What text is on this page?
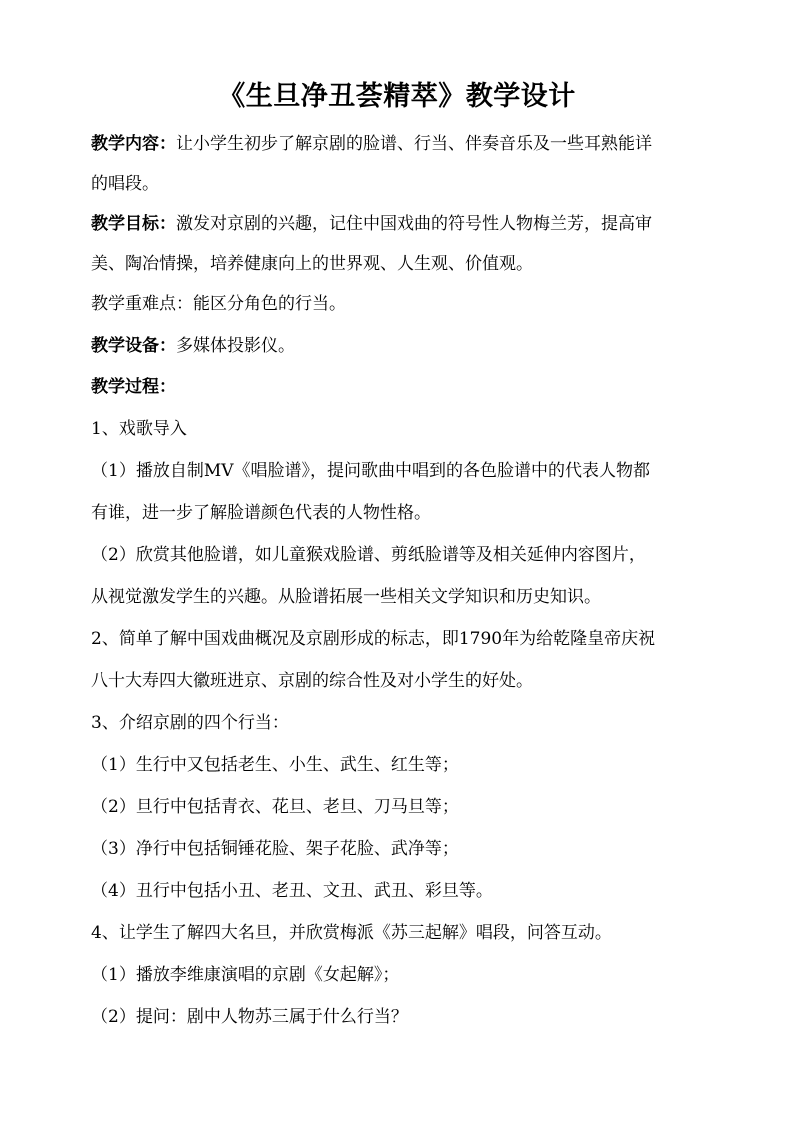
《生旦净丑荟精萃》教学设计
教学内容：让小学生初步了解京剧的脸谱、行当、伴奏音乐及一些耳熟能详
的唱段。
教学目标：激发对京剧的兴趣，记住中国戏曲的符号性人物梅兰芳，提高审
美、陶冶情操，培养健康向上的世界观、人生观、价值观。
教学重难点：能区分角色的行当。
教学设备：多媒体投影仪。
教学过程：
1、戏歌导入
（1）播放自制MV《唱脸谱》，提问歌曲中唱到的各色脸谱中的代表人物都
有谁，进一步了解脸谱颜色代表的人物性格。
（2）欣赏其他脸谱，如儿童猴戏脸谱、剪纸脸谱等及相关延伸内容图片，
从视觉激发学生的兴趣。从脸谱拓展一些相关文学知识和历史知识。
2、简单了解中国戏曲概况及京剧形成的标志，即1790年为给乾隆皇帝庆祝
八十大寿四大徽班进京、京剧的综合性及对小学生的好处。
3、介绍京剧的四个行当：
（1）生行中又包括老生、小生、武生、红生等；
（2）旦行中包括青衣、花旦、老旦、刀马旦等；
（3）净行中包括铜锤花脸、架子花脸、武净等；
（4）丑行中包括小丑、老丑、文丑、武丑、彩旦等。
4、让学生了解四大名旦，并欣赏梅派《苏三起解》唱段，问答互动。
（1）播放李维康演唱的京剧《女起解》；
（2）提问：剧中人物苏三属于什么行当？
